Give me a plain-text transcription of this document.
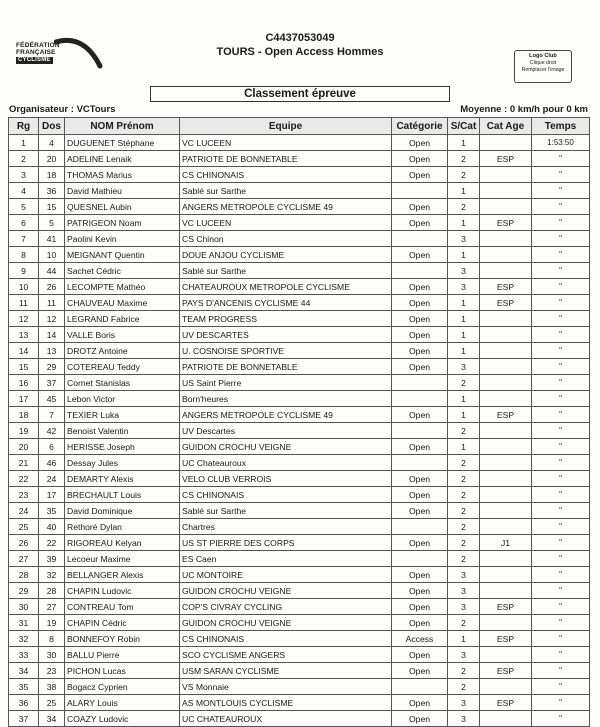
FÉDÉRATION
FRANÇAISE
CYCLISME
C4437053049
TOURS - Open Access Hommes	Logo Club
Clique droit
Remplacer l'image
Classement épreuve
Organisateur : VCTours	Moyenne : 0 km/h pour 0 km
Rg	Dos	NOM Prénom	Equipe	Catégorie	S/Cat	Cat Age	Temps
1	4	DUGUENET Stéphane	VC LUCEEN	Open	1		1:53:50
2	20	ADELINE Lenaik	PATRIOTE DE BONNETABLE	Open	2	ESP	"
3	18	THOMAS Marius	CS CHINONAIS	Open	2		"
4	36	David Mathieu	Sablé sur Sarthe		1		"
5	15	QUESNEL Aubin	ANGERS METROPOLE CYCLISME 49	Open	2		"
6	5	PATRIGEON Noam	VC LUCEEN	Open	1	ESP	"
7	41	Paolini Kevin	CS Chinon		3		"
8	10	MEIGNANT Quentin	DOUE ANJOU CYCLISME	Open	1		"
9	44	Sachet Cédric	Sablé sur Sarthe		3		"
10	26	LECOMPTE Mathéo	CHATEAUROUX METROPOLE CYCLISME	Open	3	ESP	"
11	11	CHAUVEAU Maxime	PAYS D'ANCENIS CYCLISME 44	Open	1	ESP	"
12	12	LEGRAND Fabrice	TEAM PROGRESS	Open	1		"
13	14	VALLE Boris	UV DESCARTES	Open	1		"
14	13	DROTZ Antoine	U. COSNOISE SPORTIVE	Open	1		"
15	29	COTEREAU Teddy	PATRIOTE DE BONNETABLE	Open	3		"
16	37	Cornet Stanislas	US Saint Pierre		2		"
17	45	Lebon Victor	Born'heures		1		"
18	7	TEXIER Luka	ANGERS METROPOLE CYCLISME 49	Open	1	ESP	"
19	42	Benoist Valentin	UV Descartes		2		"
20	6	HERISSE Joseph	GUIDON CROCHU VEIGNE	Open	1		"
21	46	Dessay Jules	UC Chateauroux		2		"
22	24	DEMARTY Alexis	VELO CLUB VERROIS	Open	2		"
23	17	BRECHAULT Louis	CS CHINONAIS	Open	2		"
24	35	David Dominique	Sablé sur Sarthe	Open	2		"
25	40	Rethoré Dylan	Chartres		2		"
26	22	RIGOREAU Kelyan	US ST PIERRE DES CORPS	Open	2	J1	"
27	39	Lecoeur Maxime	ES Caen		2		"
28	32	BELLANGER Alexis	UC MONTOIRE	Open	3		"
29	28	CHAPIN Ludovic	GUIDON CROCHU VEIGNE	Open	3		"
30	27	CONTREAU Tom	COP'S CIVRAY CYCLING	Open	3	ESP	"
31	19	CHAPIN Cédric	GUIDON CROCHU VEIGNE	Open	2		"
32	8	BONNEFOY Robin	CS CHINONAIS	Access	1	ESP	"
33	30	BALLU Pierre	SCO CYCLISME ANGERS	Open	3		"
34	23	PICHON Lucas	USM SARAN CYCLISME	Open	2	ESP	"
35	38	Bogacz Cyprien	VS Monnaie		2		"
36	25	ALARY Louis	AS MONTLOUIS CYCLISME	Open	3	ESP	"
37	34	COAZY Ludovic	UC CHATEAUROUX	Open	3		"
